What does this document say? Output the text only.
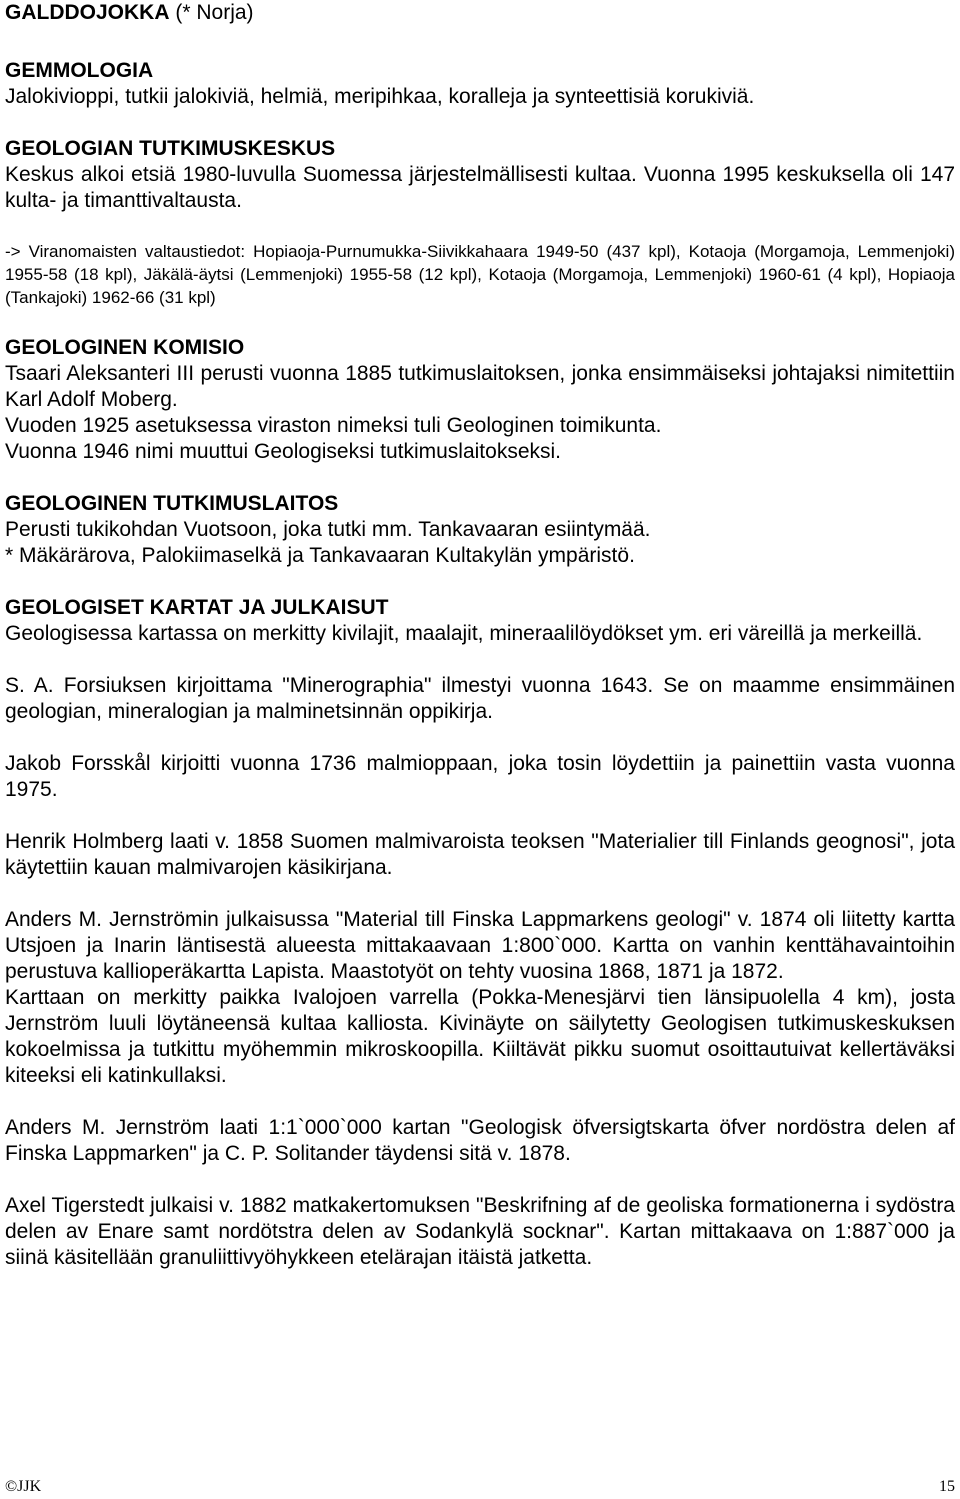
GALDDOJOKKA (* Norja)

GEMMOLOGIA

Jalokivioppi, tutkii jalokiviä, helmiä, meripihkaa, koralleja ja synteettisiä korukiviä.

GEOLOGIAN TUTKIMUSKESKUS

Keskus alkoi etsiä 1980-luvulla Suomessa järjestelmällisesti kultaa. Vuonna 1995 keskuksella oli 147 kulta- ja timanttivaltausta.

-> Viranomaisten valtaustiedot: Hopiaoja-Purnumukka-Siivikkahaara 1949-50 (437 kpl), Kotaoja (Morgamoja, Lemmenjoki) 1955-58 (18 kpl), Jäkälä-äytsi (Lemmenjoki) 1955-58 (12 kpl), Kotaoja (Morgamoja, Lemmenjoki) 1960-61 (4 kpl), Hopiaoja (Tankajoki) 1962-66 (31 kpl)

GEOLOGINEN KOMISIO

Tsaari Aleksanteri III perusti vuonna 1885 tutkimuslaitoksen, jonka ensimmäiseksi johtajaksi nimitettiin Karl Adolf Moberg.

Vuoden 1925 asetuksessa viraston nimeksi tuli Geologinen toimikunta.

Vuonna 1946 nimi muuttui Geologiseksi tutkimuslaitokseksi.

GEOLOGINEN TUTKIMUSLAITOS

Perusti tukikohdan Vuotsoon, joka tutki mm. Tankavaaran esiintymää.

* Mäkärärova, Palokiimaselkä ja Tankavaaran Kultakylän ympäristö.

GEOLOGISET KARTAT JA JULKAISUT

Geologisessa kartassa on merkitty kivilajit, maalajit, mineraalilöydökset ym. eri väreillä ja merkeillä.

S. A. Forsiuksen kirjoittama "Minerographia" ilmestyi vuonna 1643. Se on maamme ensimmäinen geologian, mineralogian ja malminetsinnän oppikirja.

Jakob Forsskål kirjoitti vuonna 1736 malmioppaan, joka tosin löydettiin ja painettiin vasta vuonna 1975.

Henrik Holmberg laati v. 1858 Suomen malmivaroista teoksen "Materialier till Finlands geognosi", jota käytettiin kauan malmivarojen käsikirjana.

Anders M. Jernströmin julkaisussa "Material till Finska Lappmarkens geologi" v. 1874 oli liitetty kartta Utsjoen ja Inarin läntisestä alueesta mittakaavaan 1:800`000. Kartta on vanhin kenttähavaintoihin perustuva kallioperäkartta Lapista. Maastotyöt on tehty vuosina 1868, 1871 ja 1872.

Karttaan on merkitty paikka Ivalojoen varrella (Pokka-Menesjärvi tien länsipuolella 4 km), josta Jernström luuli löytäneensä kultaa kalliosta. Kivinäyte on säilytetty Geologisen tutkimuskeskuksen kokoelmissa ja tutkittu myöhemmin mikroskoopilla. Kiiltävät pikku suomut osoittautuivat kellertäväksi kiteeksi eli katinkullaksi.

Anders M. Jernström laati 1:1`000`000 kartan "Geologisk öfversigtskarta öfver nordöstra delen af Finska Lappmarken" ja C. P. Solitander täydensi sitä v. 1878.

Axel Tigerstedt julkaisi v. 1882 matkakertomuksen "Beskrifning af de geoliska formationerna i sydöstra delen av Enare samt nordötstra delen av Sodankylä socknar". Kartan mittakaava on 1:887`000 ja siinä käsitellään granuliittivyöhykkeen etelärajan itäistä jatketta.

©JJK	15
